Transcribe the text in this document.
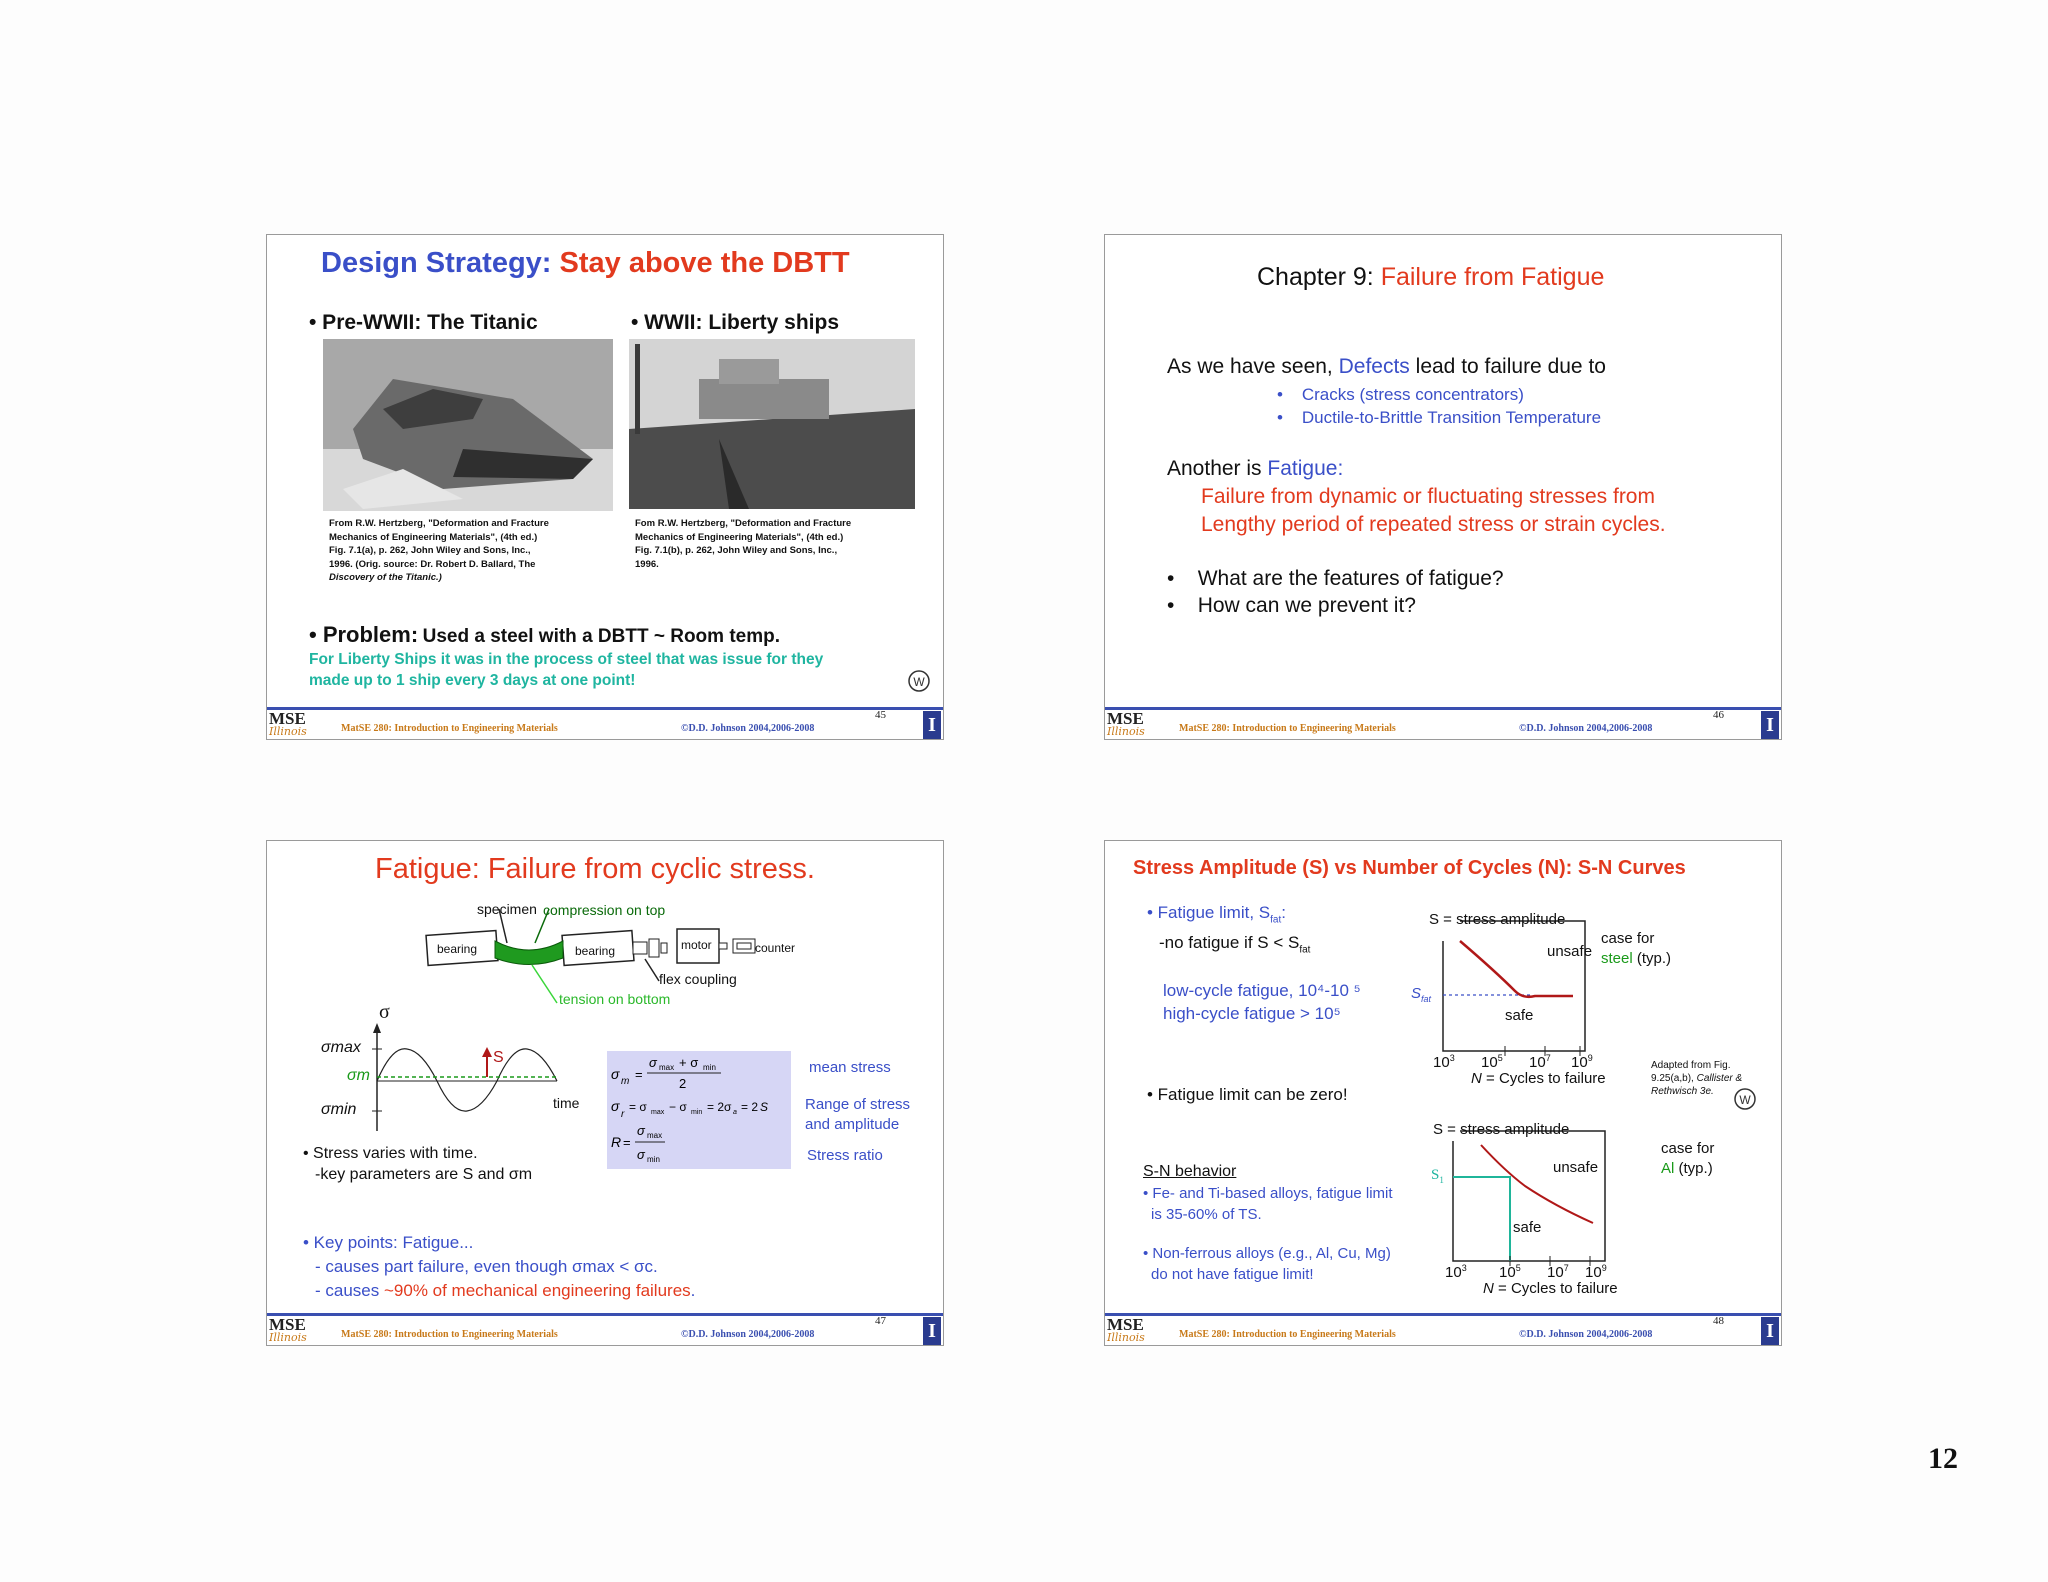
Design Strategy: Stay above the DBTT
• Pre-WWII: The Titanic	• WWII: Liberty ships
From R.W. Hertzberg, "Deformation and Fracture
Mechanics of Engineering Materials", (4th ed.)
Fig. 7.1(a), p. 262, John Wiley and Sons, Inc.,
1996. (Orig. source: Dr. Robert D. Ballard, The
Discovery of the Titanic.)
Fom R.W. Hertzberg, "Deformation and Fracture
Mechanics of Engineering Materials", (4th ed.)
Fig. 7.1(b), p. 262, John Wiley and Sons, Inc.,
1996.
• Problem: Used a steel with a DBTT ~ Room temp.
For Liberty Ships it was in the process of steel that was issue for they
made up to 1 ship every 3 days at one point!	W
MSE
Illinois	MatSE 280: Introduction to Engineering Materials	©D.D. Johnson 2004,2006-2008
45 I
Chapter 9: Failure from Fatigue
As we have seen, Defects lead to failure due to
•    Cracks (stress concentrators)
•    Ductile-to-Brittle Transition Temperature
Another is Fatigue:
Failure from dynamic or fluctuating stresses from
Lengthy period of repeated stress or strain cycles.
•    What are the features of fatigue?
•    How can we prevent it?
MSE
Illinois	MatSE 280: Introduction to Engineering Materials	©D.D. Johnson 2004,2006-2008
46 I
Fatigue: Failure from cyclic stress.
specimen compression on top
bearing	bearing	motor	counter
flex coupling
tension on bottom
σ
σmax
σm
σmin
S
time
σ m =
σ max + σ min
2
σ
r
= σ max − σ min = 2σ a = 2 S
R =
σ max
σ min
mean stress
Range of stress
and amplitude
Stress ratio
• Stress varies with time.
-key parameters are S and σm
• Key points: Fatigue...
- causes part failure, even though σmax < σc.
- causes ~90% of mechanical engineering failures.
MSE
Illinois	MatSE 280: Introduction to Engineering Materials	©D.D. Johnson 2004,2006-2008
47 I
Stress Amplitude (S) vs Number of Cycles (N): S-N Curves
• Fatigue limit, $S_{fat}$:
-no fatigue if $S < S_{fat}$
low-cycle fatigue, 10⁴-10 ⁵
high-cycle fatigue > 10⁵
• Fatigue limit can be zero!
S-N behavior
• Fe- and Ti-based alloys, fatigue limit
is 35-60% of TS.
• Non-ferrous alloys (e.g., Al, Cu, Mg)
do not have fatigue limit!
S = stress amplitude
unsafe
safe
$S_{fat}$
case for
steel (typ.)
$10^3$ $10^5$ $10^7$ $10^9$
N = Cycles to failure
Adapted from Fig.
9.25(a,b), Callister &
Rethwisch 3e.
W
S = stress amplitude
unsafe
safe
$S_1$
case for
Al (typ.)
$10^3$ $10^5$ $10^7$ $10^9$
N = Cycles to failure
MSE
Illinois	MatSE 280: Introduction to Engineering Materials	©D.D. Johnson 2004,2006-2008
48 I
12
